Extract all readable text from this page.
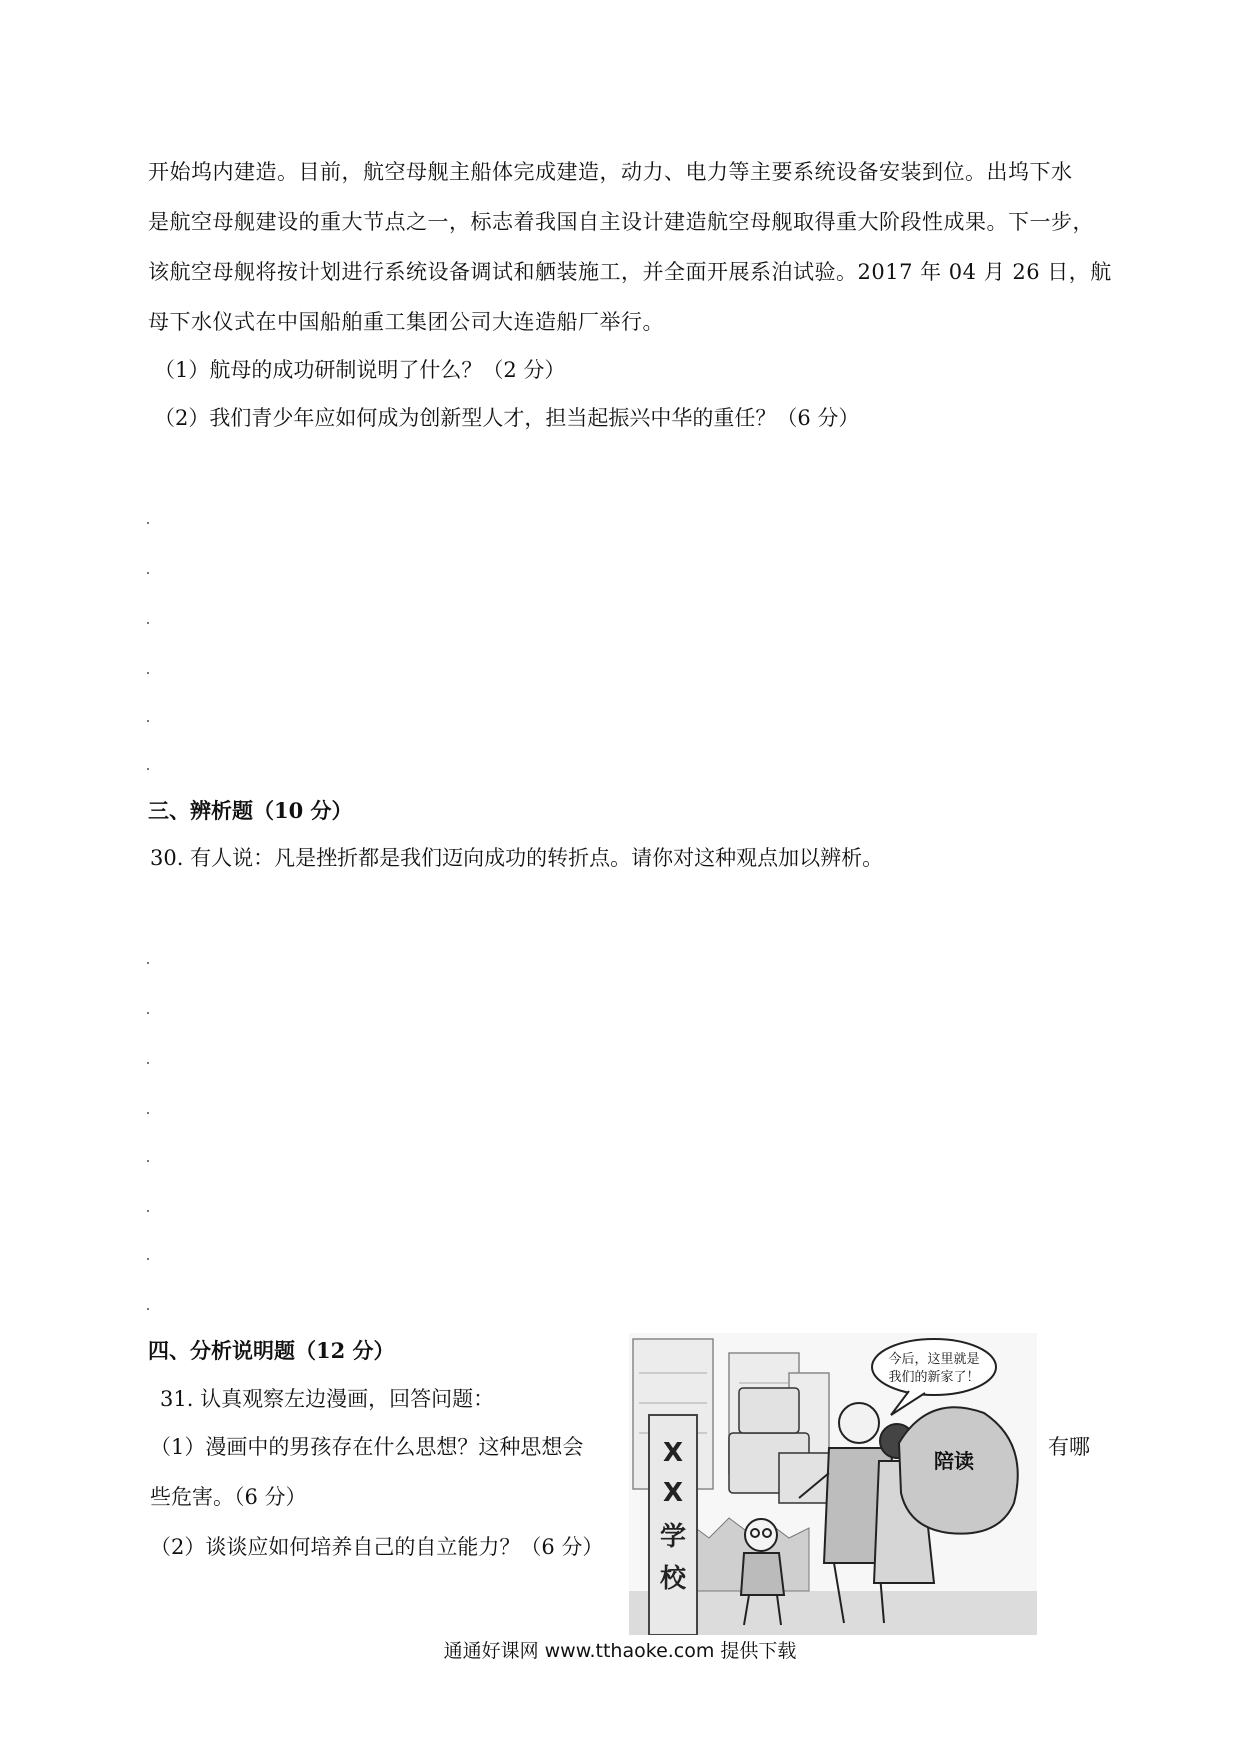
开始坞内建造。目前，航空母舰主船体完成建造，动力、电力等主要系统设备安装到位。出坞下水
是航空母舰建设的重大节点之一，标志着我国自主设计建造航空母舰取得重大阶段性成果。下一步，
该航空母舰将按计划进行系统设备调试和舾装施工，并全面开展系泊试验。2017 年 04 月 26 日，航
母下水仪式在中国船舶重工集团公司大连造船厂举行。
（1）航母的成功研制说明了什么？（2 分）
（2）我们青少年应如何成为创新型人才，担当起振兴中华的重任？（6 分）
三、辨析题（10 分）
30. 有人说：凡是挫折都是我们迈向成功的转折点。请你对这种观点加以辨析。
四、分析说明题（12 分）
31. 认真观察左边漫画，回答问题：
（1）漫画中的男孩存在什么思想？这种思想会	有哪
些危害。（6 分）
（2）谈谈应如何培养自己的自立能力？（6 分）
X
X
学
校
陪读
今后，这里就是
我们的新家了！
通通好课网 www.tthaoke.com 提供下载
